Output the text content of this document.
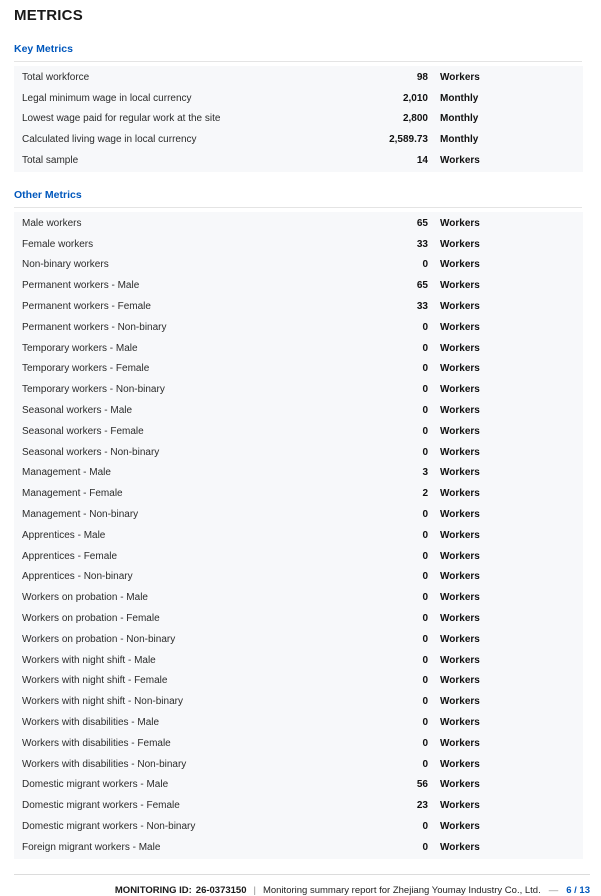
METRICS
Key Metrics
Total workforce	98	Workers
Legal minimum wage in local currency	2,010	Monthly
Lowest wage paid for regular work at the site	2,800	Monthly
Calculated living wage in local currency	2,589.73	Monthly
Total sample	14	Workers
Other Metrics
Male workers	65	Workers
Female workers	33	Workers
Non-binary workers	0	Workers
Permanent workers - Male	65	Workers
Permanent workers - Female	33	Workers
Permanent workers - Non-binary	0	Workers
Temporary workers - Male	0	Workers
Temporary workers - Female	0	Workers
Temporary workers - Non-binary	0	Workers
Seasonal workers - Male	0	Workers
Seasonal workers - Female	0	Workers
Seasonal workers - Non-binary	0	Workers
Management - Male	3	Workers
Management - Female	2	Workers
Management - Non-binary	0	Workers
Apprentices - Male	0	Workers
Apprentices - Female	0	Workers
Apprentices - Non-binary	0	Workers
Workers on probation - Male	0	Workers
Workers on probation - Female	0	Workers
Workers on probation - Non-binary	0	Workers
Workers with night shift - Male	0	Workers
Workers with night shift - Female	0	Workers
Workers with night shift - Non-binary	0	Workers
Workers with disabilities - Male	0	Workers
Workers with disabilities - Female	0	Workers
Workers with disabilities - Non-binary	0	Workers
Domestic migrant workers - Male	56	Workers
Domestic migrant workers - Female	23	Workers
Domestic migrant workers - Non-binary	0	Workers
Foreign migrant workers - Male	0	Workers
MONITORING ID: 26-0373150 | Monitoring summary report for Zhejiang Youmay Industry Co., Ltd. — 6 / 13
